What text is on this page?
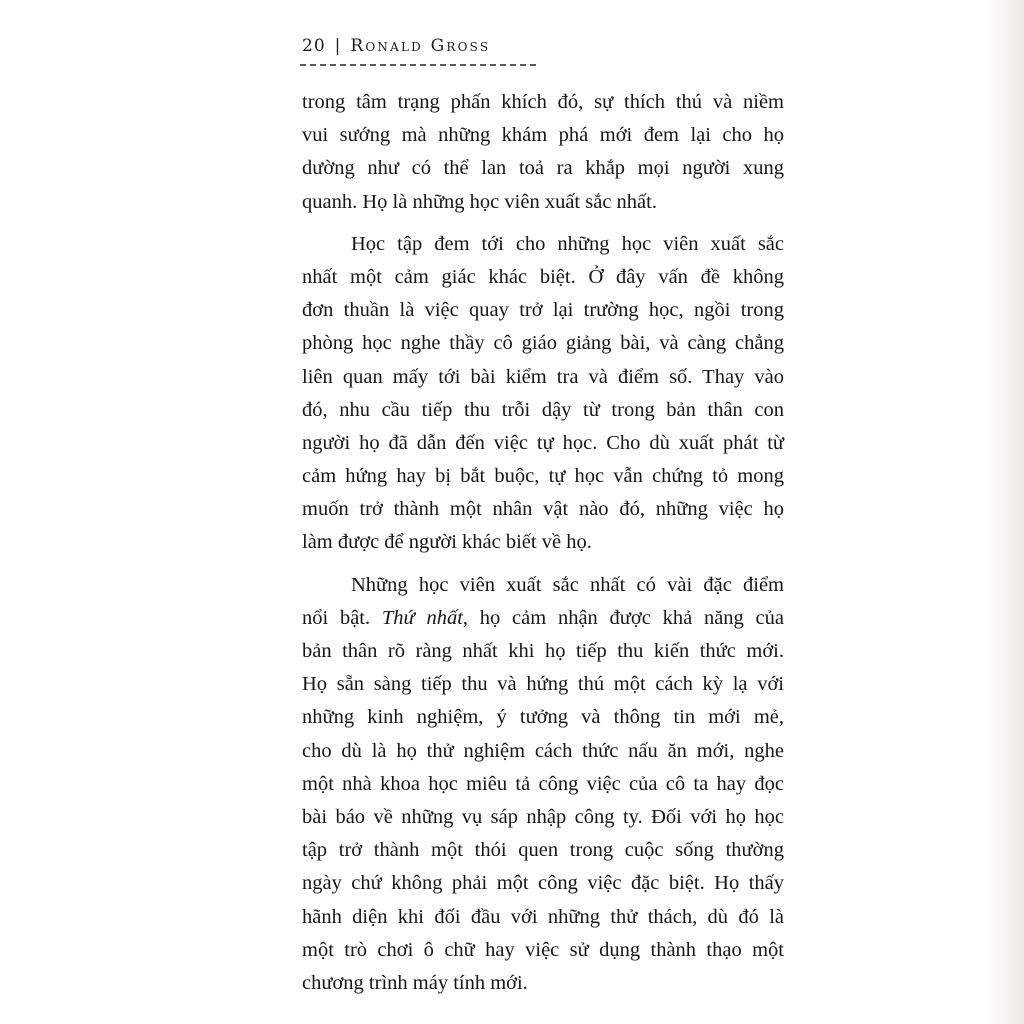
20 | Ronald Gross
trong tâm trạng phấn khích đó, sự thích thú và niềm
vui sướng mà những khám phá mới đem lại cho họ
dường như có thể lan toả ra khắp mọi người xung
quanh. Họ là những học viên xuất sắc nhất.
Học tập đem tới cho những học viên xuất sắc
nhất một cảm giác khác biệt. Ở đây vấn đề không
đơn thuần là việc quay trở lại trường học, ngồi trong
phòng học nghe thầy cô giáo giảng bài, và càng chẳng
liên quan mấy tới bài kiểm tra và điểm số. Thay vào
đó, nhu cầu tiếp thu trỗi dậy từ trong bản thân con
người họ đã dẫn đến việc tự học. Cho dù xuất phát từ
cảm hứng hay bị bắt buộc, tự học vẫn chứng tỏ mong
muốn trở thành một nhân vật nào đó, những việc họ
làm được để người khác biết về họ.
Những học viên xuất sắc nhất có vài đặc điểm
nổi bật. Thứ nhất, họ cảm nhận được khả năng của
bản thân rõ ràng nhất khi họ tiếp thu kiến thức mới.
Họ sẵn sàng tiếp thu và hứng thú một cách kỳ lạ với
những kinh nghiệm, ý tưởng và thông tin mới mẻ,
cho dù là họ thử nghiệm cách thức nấu ăn mới, nghe
một nhà khoa học miêu tả công việc của cô ta hay đọc
bài báo về những vụ sáp nhập công ty. Đối với họ học
tập trở thành một thói quen trong cuộc sống thường
ngày chứ không phải một công việc đặc biệt. Họ thấy
hãnh diện khi đối đầu với những thử thách, dù đó là
một trò chơi ô chữ hay việc sử dụng thành thạo một
chương trình máy tính mới.
